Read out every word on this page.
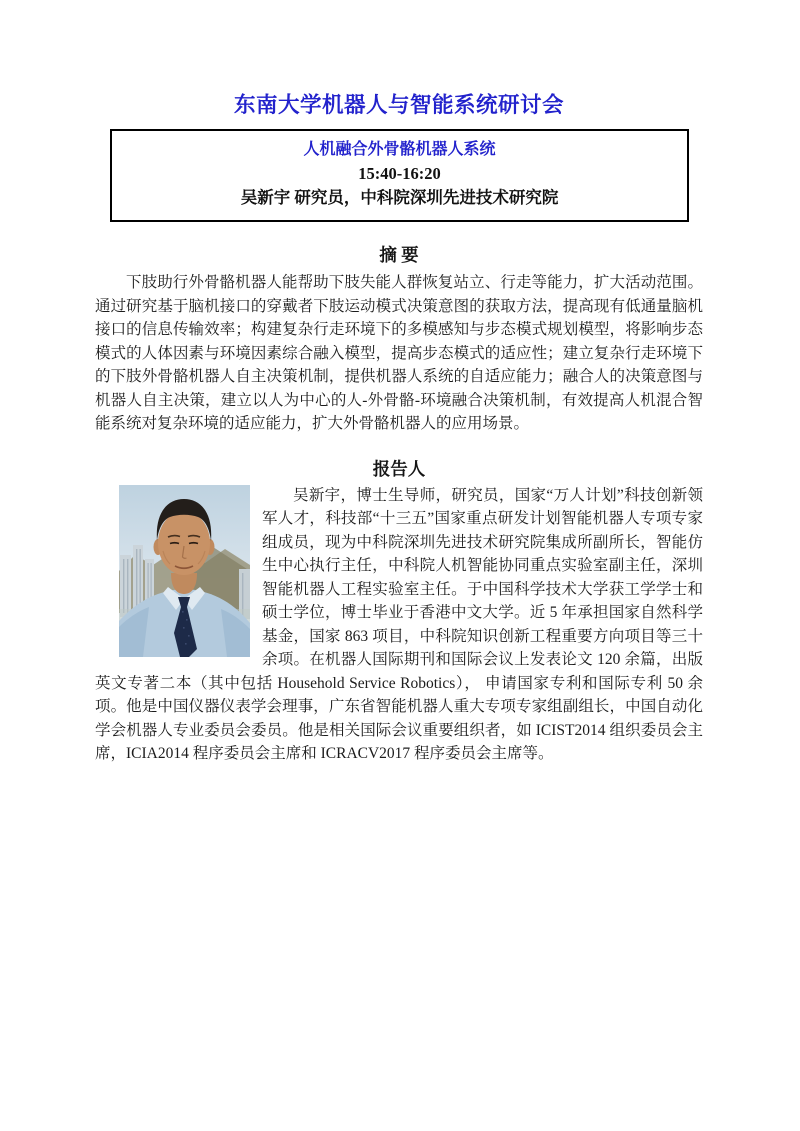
东南大学机器人与智能系统研讨会
人机融合外骨骼机器人系统
15:40-16:20
吴新宇 研究员，中科院深圳先进技术研究院
摘 要

下肢助行外骨骼机器人能帮助下肢失能人群恢复站立、行走等能力，扩大活动范围。通过研究基于脑机接口的穿戴者下肢运动模式决策意图的获取方法，提高现有低通量脑机接口的信息传输效率；构建复杂行走环境下的多模感知与步态模式规划模型，将影响步态模式的人体因素与环境因素综合融入模型，提高步态模式的适应性；建立复杂行走环境下的下肢外骨骼机器人自主决策机制，提供机器人系统的自适应能力；融合人的决策意图与机器人自主决策，建立以人为中心的人-外骨骼-环境融合决策机制，有效提高人机混合智能系统对复杂环境的适应能力，扩大外骨骼机器人的应用场景。

报告人

吴新宇，博士生导师，研究员，国家“万人计划”科技创新领军人才，科技部“十三五”国家重点研发计划智能机器人专项专家组成员，现为中科院深圳先进技术研究院集成所副所长，智能仿生中心执行主任，中科院人机智能协同重点实验室副主任，深圳智能机器人工程实验室主任。于中国科学技术大学获工学学士和硕士学位，博士毕业于香港中文大学。近 5 年承担国家自然科学基金，国家 863 项目，中科院知识创新工程重要方向项目等三十余项。在机器人国际期刊和国际会议上发表论文 120 余篇，出版英文专著二本（其中包括 Household Service Robotics）， 申请国家专利和国际专利 50 余项。他是中国仪器仪表学会理事，广东省智能机器人重大专项专家组副组长，中国自动化学会机器人专业委员会委员。他是相关国际会议重要组织者，如 ICIST2014 组织委员会主席，ICIA2014 程序委员会主席和 ICRACV2017 程序委员会主席等。
